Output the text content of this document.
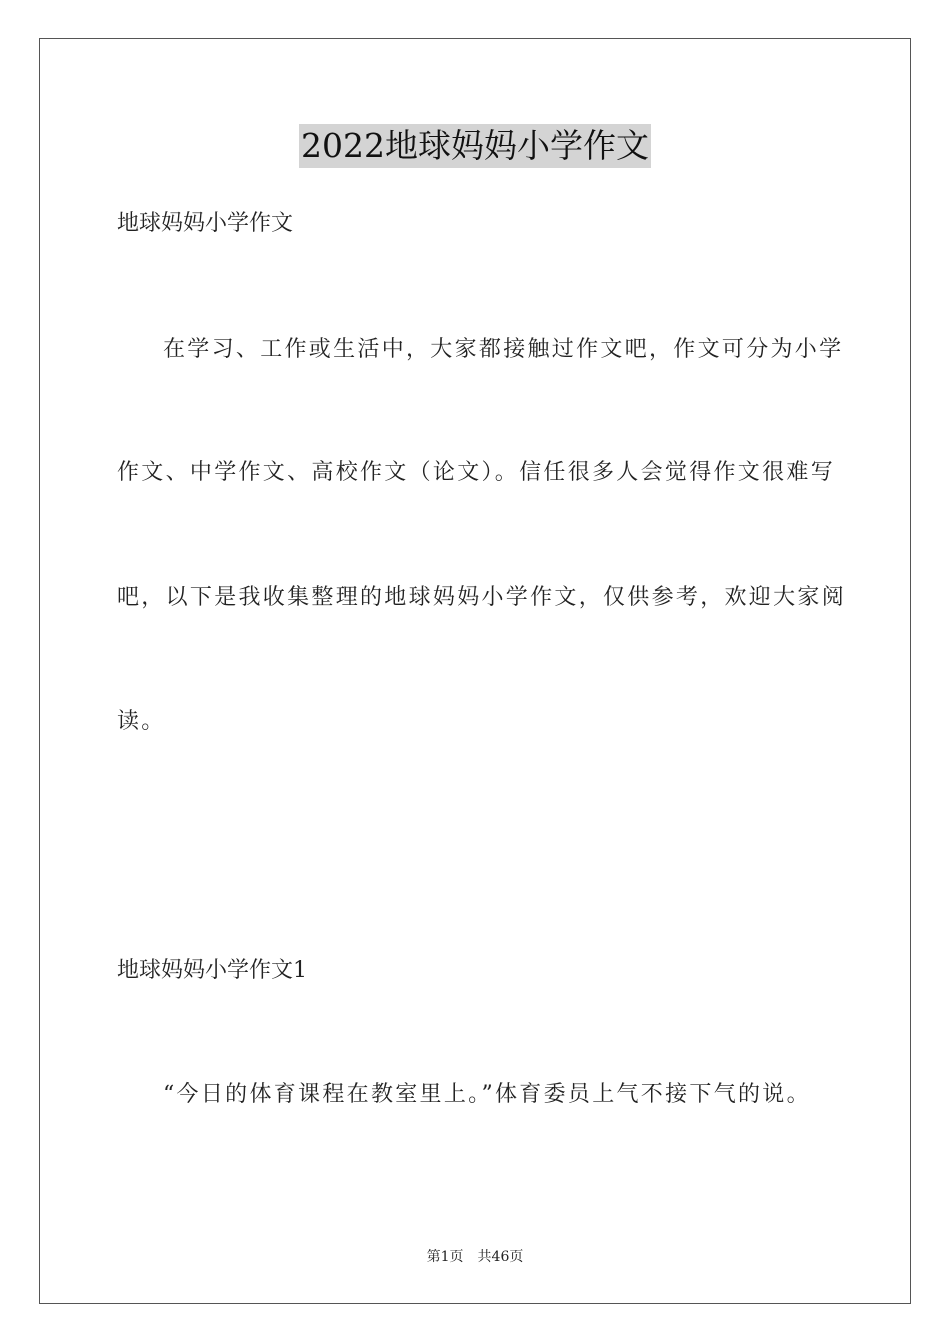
2022地球妈妈小学作文
地球妈妈小学作文
在学习、工作或生活中，大家都接触过作文吧，作文可分为小学
作文、中学作文、高校作文（论文）。信任很多人会觉得作文很难写
吧，以下是我收集整理的地球妈妈小学作文，仅供参考，欢迎大家阅
读。
地球妈妈小学作文1
“今日的体育课程在教室里上。”体育委员上气不接下气的说。
第1页 共46页
